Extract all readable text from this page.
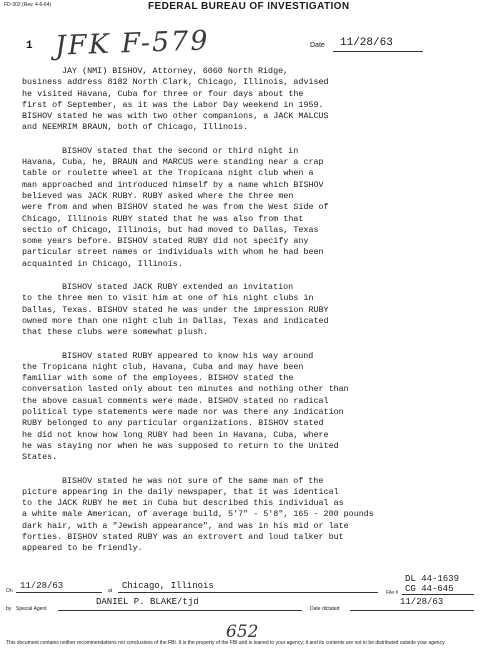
FD-302 (Rev. 4-6-64)	FEDERAL BUREAU OF INVESTIGATION
1 JFK F-579	Date 11/28/63
JAY (NMI) BISHOV, Attorney, 6060 North Ridge,
business address 8182 North Clark, Chicago, Illinois, advised
he visited Havana, Cuba for three or four days about the
first of September, as it was the Labor Day weekend in 1959.
BISHOV stated he was with two other companions, a JACK MALCUS
and NEEMRIM BRAUN, both of Chicago, Illinois.
BISHOV stated that the second or third night in
Havana, Cuba, he, BRAUN and MARCUS were standing near a crap
table or roulette wheel at the Tropicana night club when a
man approached and introduced himself by a name which BISHOV
believed was JACK RUBY. RUBY asked where the three men
were from and when BISHOV stated he was from the West Side of
Chicago, Illinois RUBY stated that he was also from that
sectio of Chicago, Illinois, but had moved to Dallas, Texas
some years before. BISHOV stated RUBY did not specify any
particular street names or individuals with whom he had been
acquainted in Chicago, Illinois.
BISHOV stated JACK RUBY extended an invitation
to the three men to visit him at one of his night clubs in
Dallas, Texas. BISHOV stated he was under the impression RUBY
owned more than one night club in Dallas, Texas and indicated
that these clubs were somewhat plush.
BISHOV stated RUBY appeared to know his way around
the Tropicana night club, Havana, Cuba and may have been
familiar with some of the employees. BISHOV stated the
conversation lasted only about ten minutes and nothing other than
the above casual comments were made. BISHOV stated no radical
political type statements were made nor was there any indication
RUBY belonged to any particular organizations. BISHOV stated
he did not know how long RUBY had been in Havana, Cuba, where
he was staying nor when he was supposed to return to the United
States.
BISHOV stated he was not sure of the same man of the
picture appearing in the daily newspaper, that it was identical
to the JACK RUBY he met in Cuba but described this individual as
a white male American, of average build, 5'7" - 5'8", 165 - 200 pounds
dark hair, with a "Jewish appearance", and was in his mid or late
forties. BISHOV stated RUBY was an extrovert and loud talker but
appeared to be friendly.
On 11/28/63	at Chicago, Illinois
File #
DL 44-1639
CG 44-645
by Special Agent
DANIEL P. BLAKE/tjd
Date dictated
11/28/63
652
This document contains neither recommendations nor conclusions of the FBI. It is the property of the FBI and is loaned to your agency; it and its contents are not to be distributed outside your agency.
